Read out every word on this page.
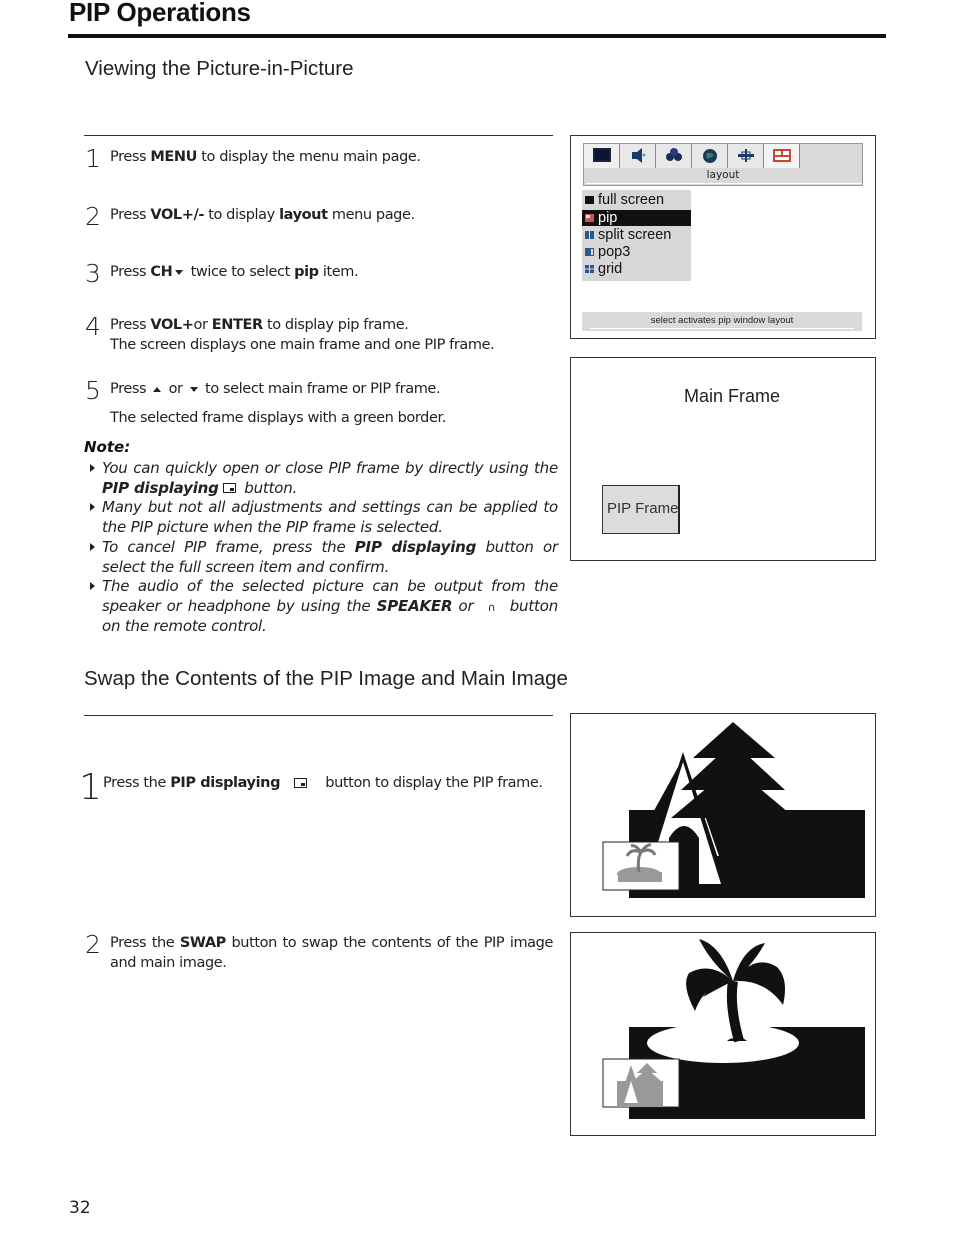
PIP Operations
Viewing the Picture-in-Picture
1 Press MENU to display the menu main page.
2 Press VOL+/- to display layout menu page.
3 Press CH twice to select pip item.
4 Press VOL+or ENTER to display pip frame.
The screen displays one main frame and one PIP frame.
5 Press  or  to select main frame or PIP frame.
The selected frame displays with a green border.
Note:
You can quickly open or close PIP frame by directly using the PIP displaying button.
Many but not all adjustments and settings can be applied to the PIP picture when the PIP frame is selected.
To cancel PIP frame, press the PIP displaying button or select the full screen item and confirm.
The audio of the selected picture can be output from the speaker or headphone by using the SPEAKER or ∩ button on the remote control.
layout
full screen
pip
split screen
pop3
grid
select activates pip window layout
Main Frame
PIP Frame
Swap the Contents of the PIP Image and Main Image
1 Press the PIP displaying	button to display the PIP frame.
2 Press the SWAP button to swap the contents of the PIP image and main image.
32
